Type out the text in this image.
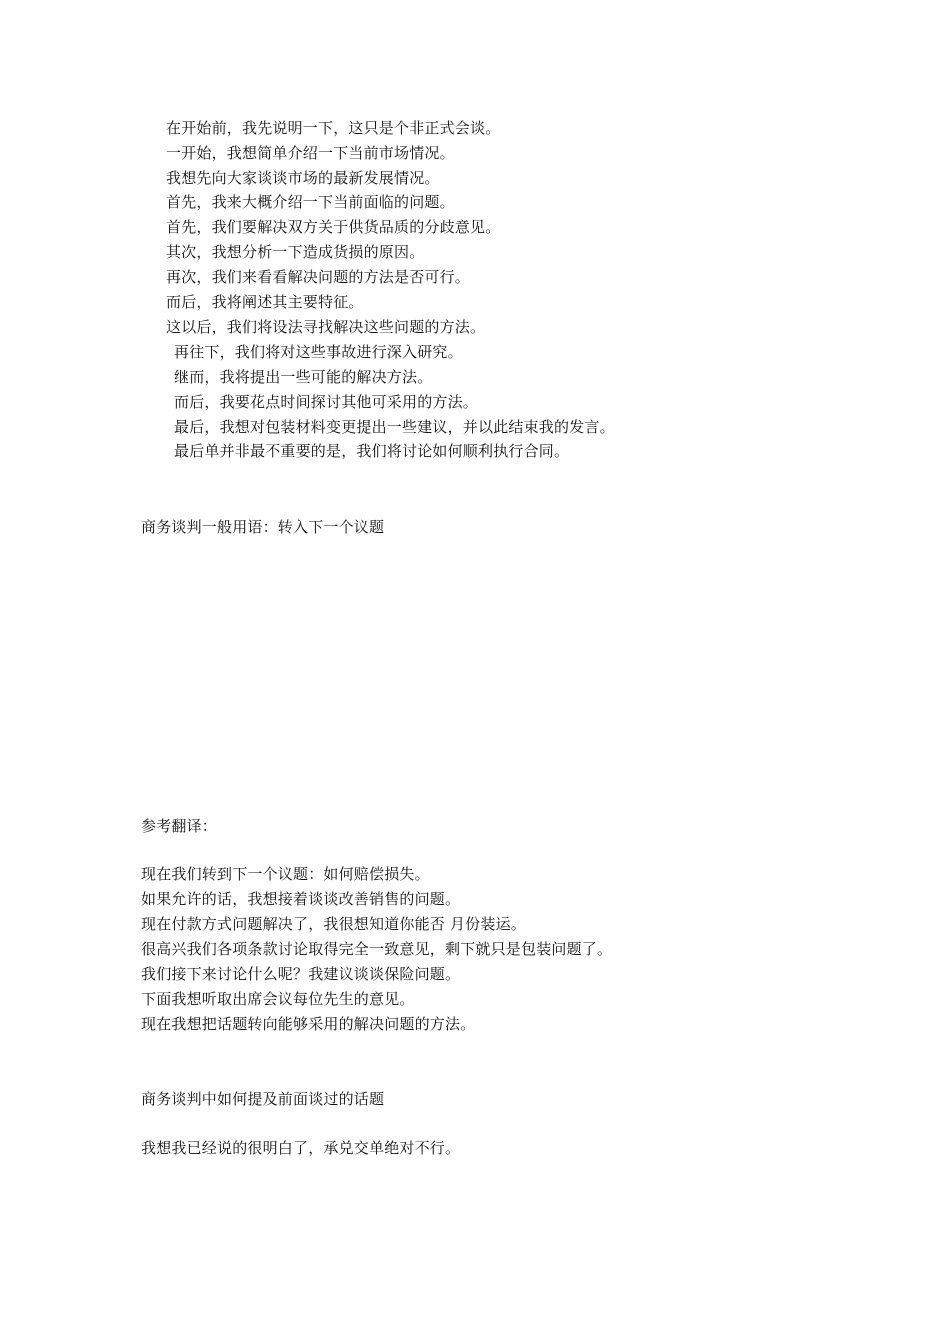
在开始前，我先说明一下，这只是个非正式会谈。
一开始，我想简单介绍一下当前市场情况。
我想先向大家谈谈市场的最新发展情况。
首先，我来大概介绍一下当前面临的问题。
首先，我们要解决双方关于供货品质的分歧意见。
其次，我想分析一下造成货损的原因。
再次，我们来看看解决问题的方法是否可行。
而后，我将阐述其主要特征。
这以后，我们将设法寻找解决这些问题的方法。
再往下，我们将对这些事故进行深入研究。
继而，我将提出一些可能的解决方法。
而后，我要花点时间探讨其他可采用的方法。
最后，我想对包装材料变更提出一些建议，并以此结束我的发言。
最后单并非最不重要的是，我们将讨论如何顺利执行合同。
商务谈判一般用语：转入下一个议题
参考翻译：
现在我们转到下一个议题：如何赔偿损失。
如果允许的话，我想接着谈谈改善销售的问题。
现在付款方式问题解决了，我很想知道你能否 月份装运。
很高兴我们各项条款讨论取得完全一致意见，剩下就只是包装问题了。
我们接下来讨论什么呢？我建议谈谈保险问题。
下面我想听取出席会议每位先生的意见。
现在我想把话题转向能够采用的解决问题的方法。
商务谈判中如何提及前面谈过的话题
我想我已经说的很明白了，承兑交单绝对不行。
